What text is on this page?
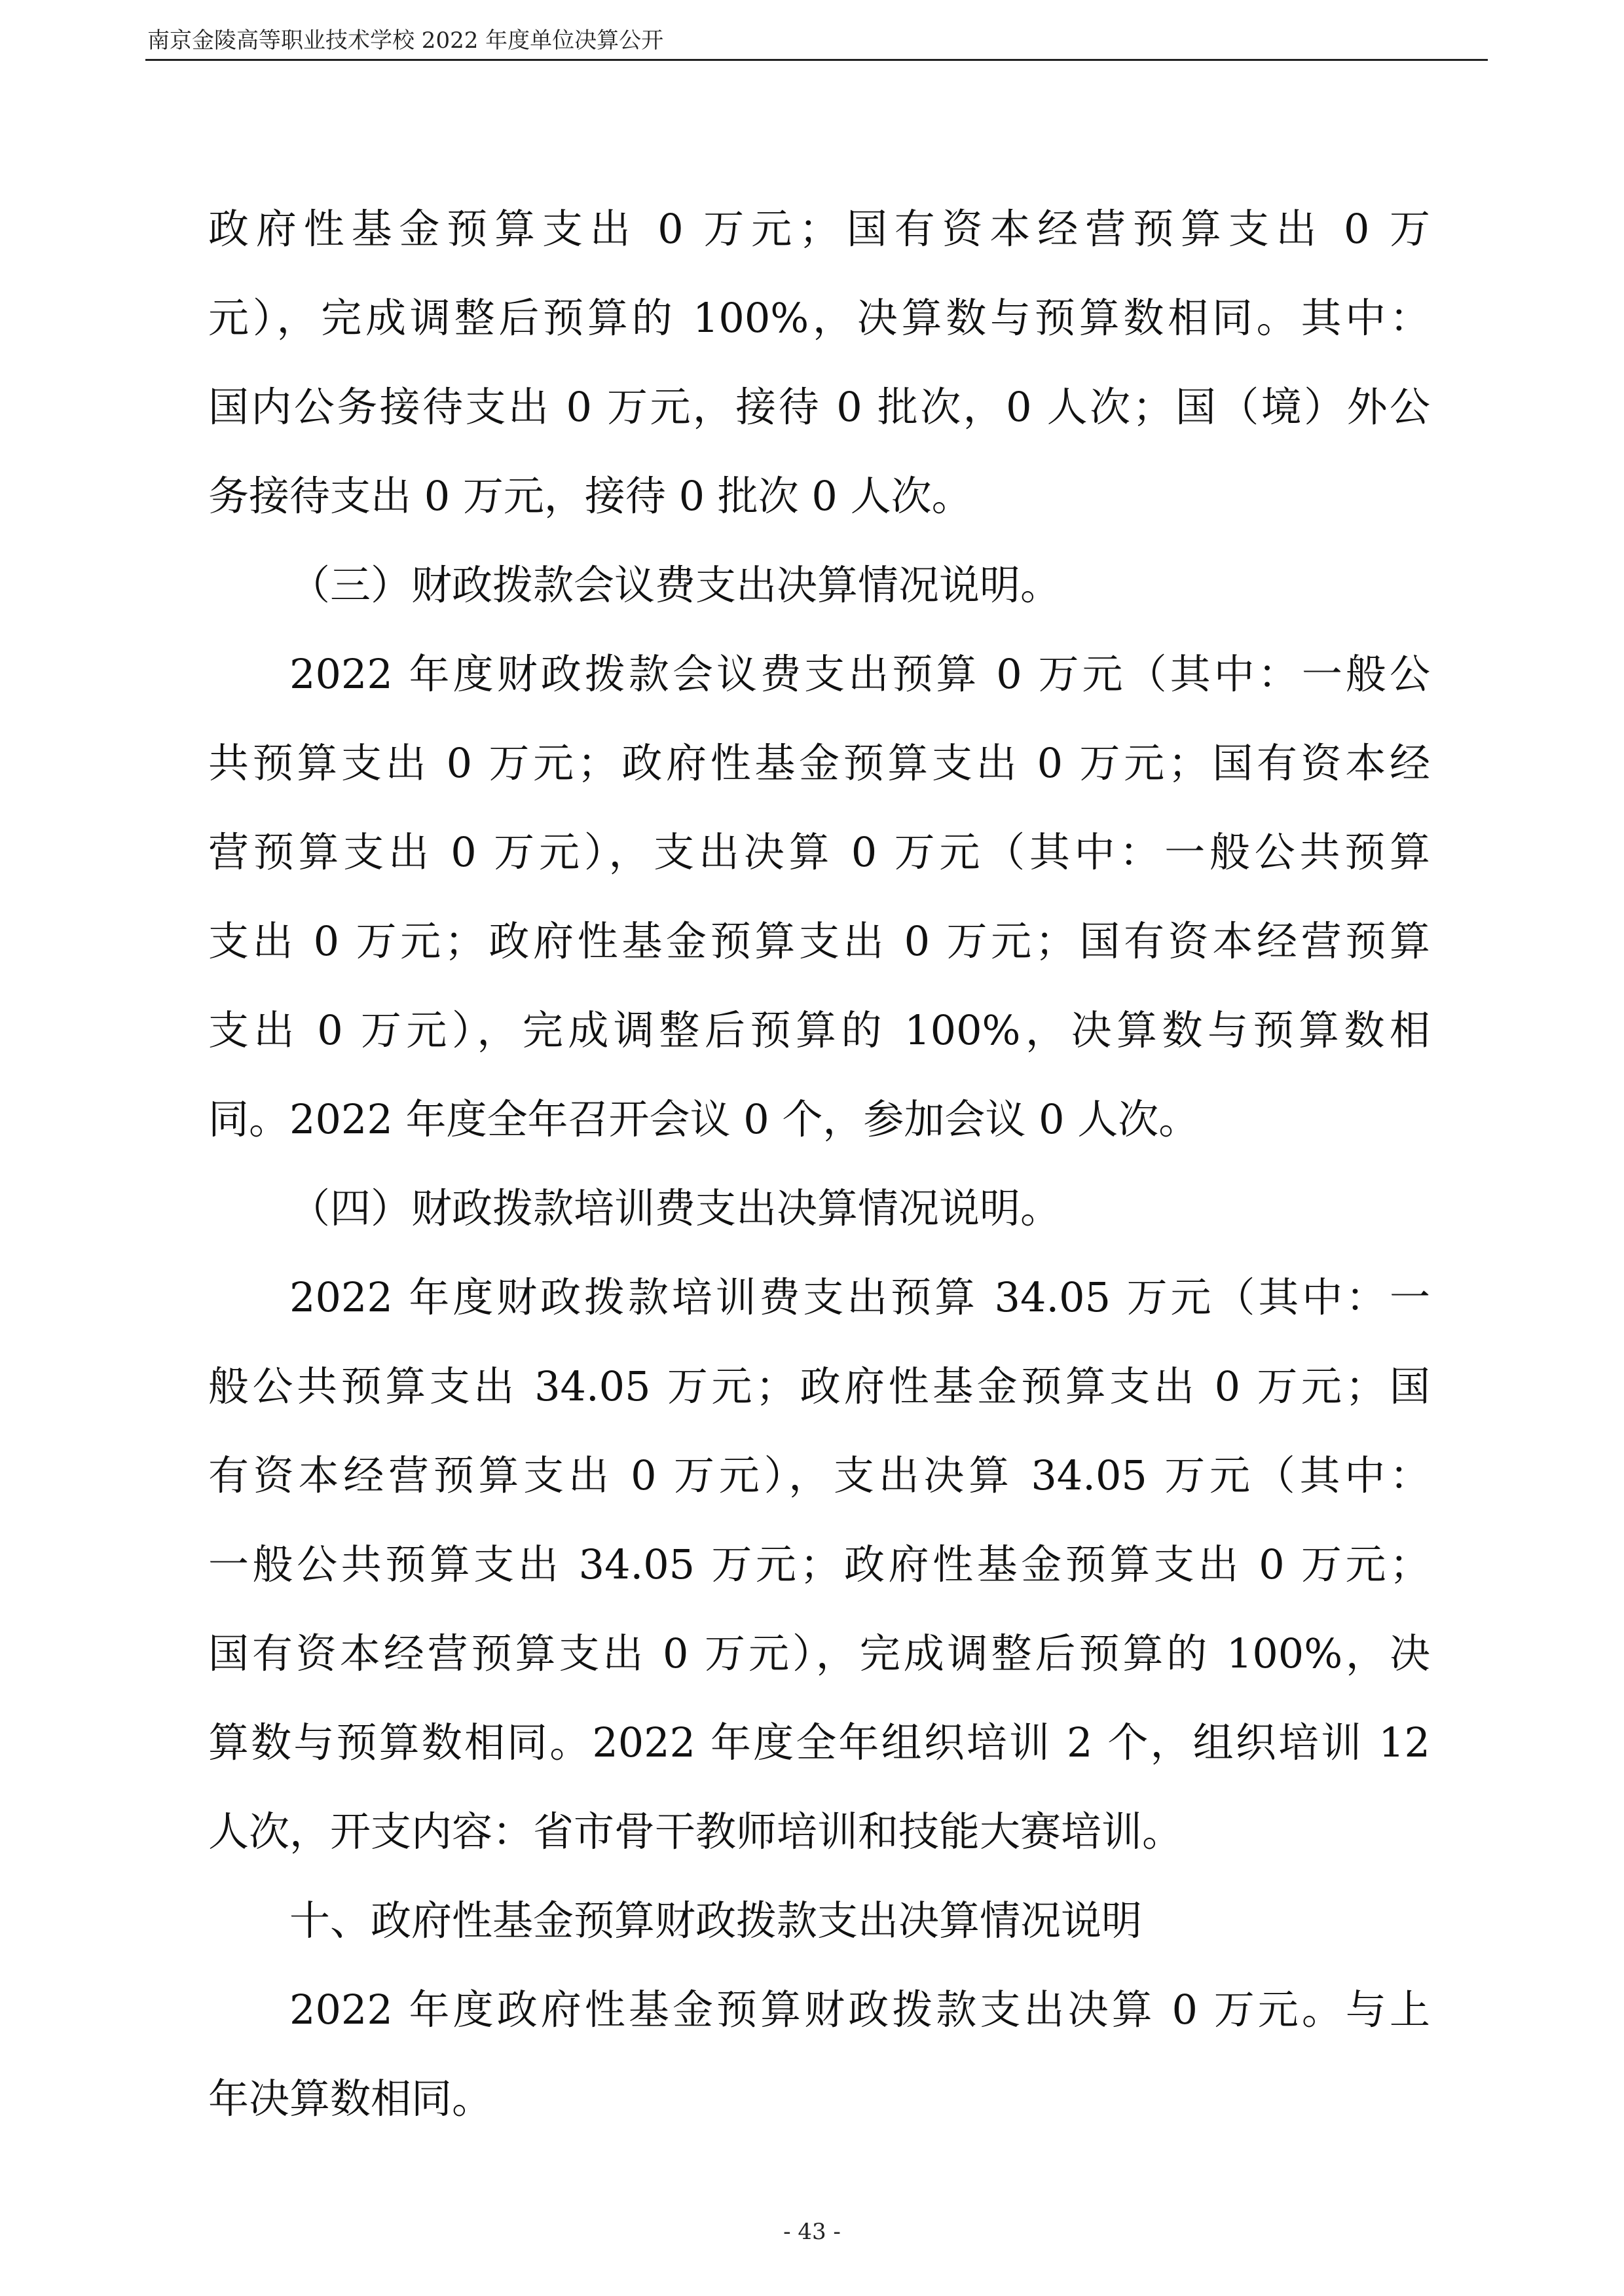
南京金陵高等职业技术学校 2022 年度单位决算公开
政府性基金预算支出 0 万元；国有资本经营预算支出 0 万
元），完成调整后预算的 100%，决算数与预算数相同。其中：
国内公务接待支出 0 万元，接待 0 批次，0 人次；国（境）外公
务接待支出 0 万元，接待 0 批次 0 人次。
（三）财政拨款会议费支出决算情况说明。
2022 年度财政拨款会议费支出预算 0 万元（其中：一般公
共预算支出 0 万元；政府性基金预算支出 0 万元；国有资本经
营预算支出 0 万元），支出决算 0 万元（其中：一般公共预算
支出 0 万元；政府性基金预算支出 0 万元；国有资本经营预算
支出 0 万元），完成调整后预算的 100%，决算数与预算数相
同。2022 年度全年召开会议 0 个，参加会议 0 人次。
（四）财政拨款培训费支出决算情况说明。
2022 年度财政拨款培训费支出预算 34.05 万元（其中：一
般公共预算支出 34.05 万元；政府性基金预算支出 0 万元；国
有资本经营预算支出 0 万元），支出决算 34.05 万元（其中：
一般公共预算支出 34.05 万元；政府性基金预算支出 0 万元；
国有资本经营预算支出 0 万元），完成调整后预算的 100%，决
算数与预算数相同。2022 年度全年组织培训 2 个，组织培训 12
人次，开支内容：省市骨干教师培训和技能大赛培训。
十、政府性基金预算财政拨款支出决算情况说明
2022 年度政府性基金预算财政拨款支出决算 0 万元。与上
年决算数相同。
- 43 -
